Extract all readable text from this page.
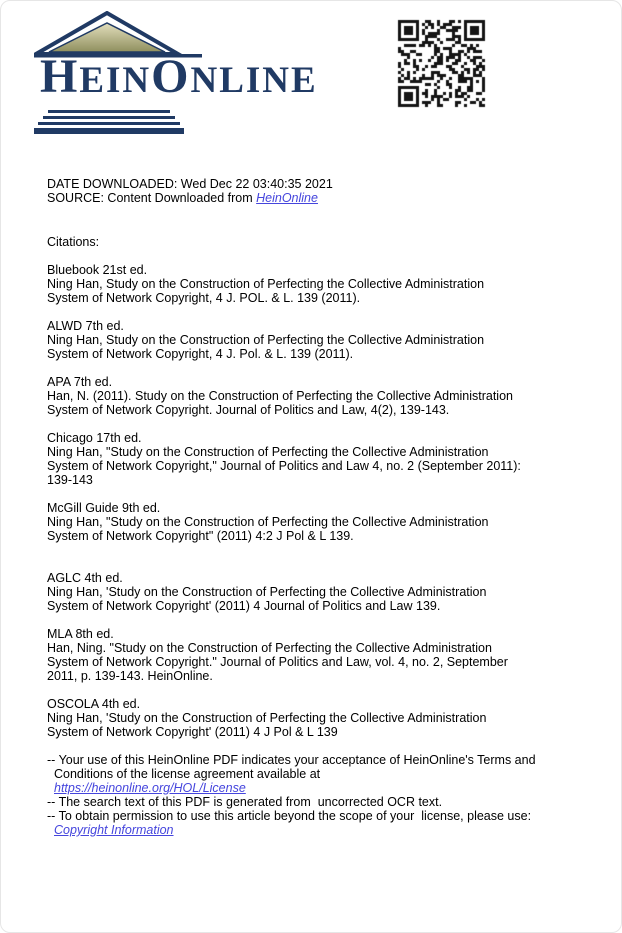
HEINONLINE
DATE DOWNLOADED: Wed Dec 22 03:40:35 2021
SOURCE: Content Downloaded from HeinOnline
Citations:
Bluebook 21st ed.
Ning Han, Study on the Construction of Perfecting the Collective Administration
System of Network Copyright, 4 J. POL. & L. 139 (2011).
ALWD 7th ed.
Ning Han, Study on the Construction of Perfecting the Collective Administration
System of Network Copyright, 4 J. Pol. & L. 139 (2011).
APA 7th ed.
Han, N. (2011). Study on the Construction of Perfecting the Collective Administration
System of Network Copyright. Journal of Politics and Law, 4(2), 139-143.
Chicago 17th ed.
Ning Han, "Study on the Construction of Perfecting the Collective Administration
System of Network Copyright," Journal of Politics and Law 4, no. 2 (September 2011):
139-143
McGill Guide 9th ed.
Ning Han, "Study on the Construction of Perfecting the Collective Administration
System of Network Copyright" (2011) 4:2 J Pol & L 139.
AGLC 4th ed.
Ning Han, 'Study on the Construction of Perfecting the Collective Administration
System of Network Copyright' (2011) 4 Journal of Politics and Law 139.
MLA 8th ed.
Han, Ning. "Study on the Construction of Perfecting the Collective Administration
System of Network Copyright." Journal of Politics and Law, vol. 4, no. 2, September
2011, p. 139-143. HeinOnline.
OSCOLA 4th ed.
Ning Han, 'Study on the Construction of Perfecting the Collective Administration
System of Network Copyright' (2011) 4 J Pol & L 139
-- Your use of this HeinOnline PDF indicates your acceptance of HeinOnline's Terms and
Conditions of the license agreement available at
https://heinonline.org/HOL/License
-- The search text of this PDF is generated from  uncorrected OCR text.
-- To obtain permission to use this article beyond the scope of your  license, please use:
Copyright Information
